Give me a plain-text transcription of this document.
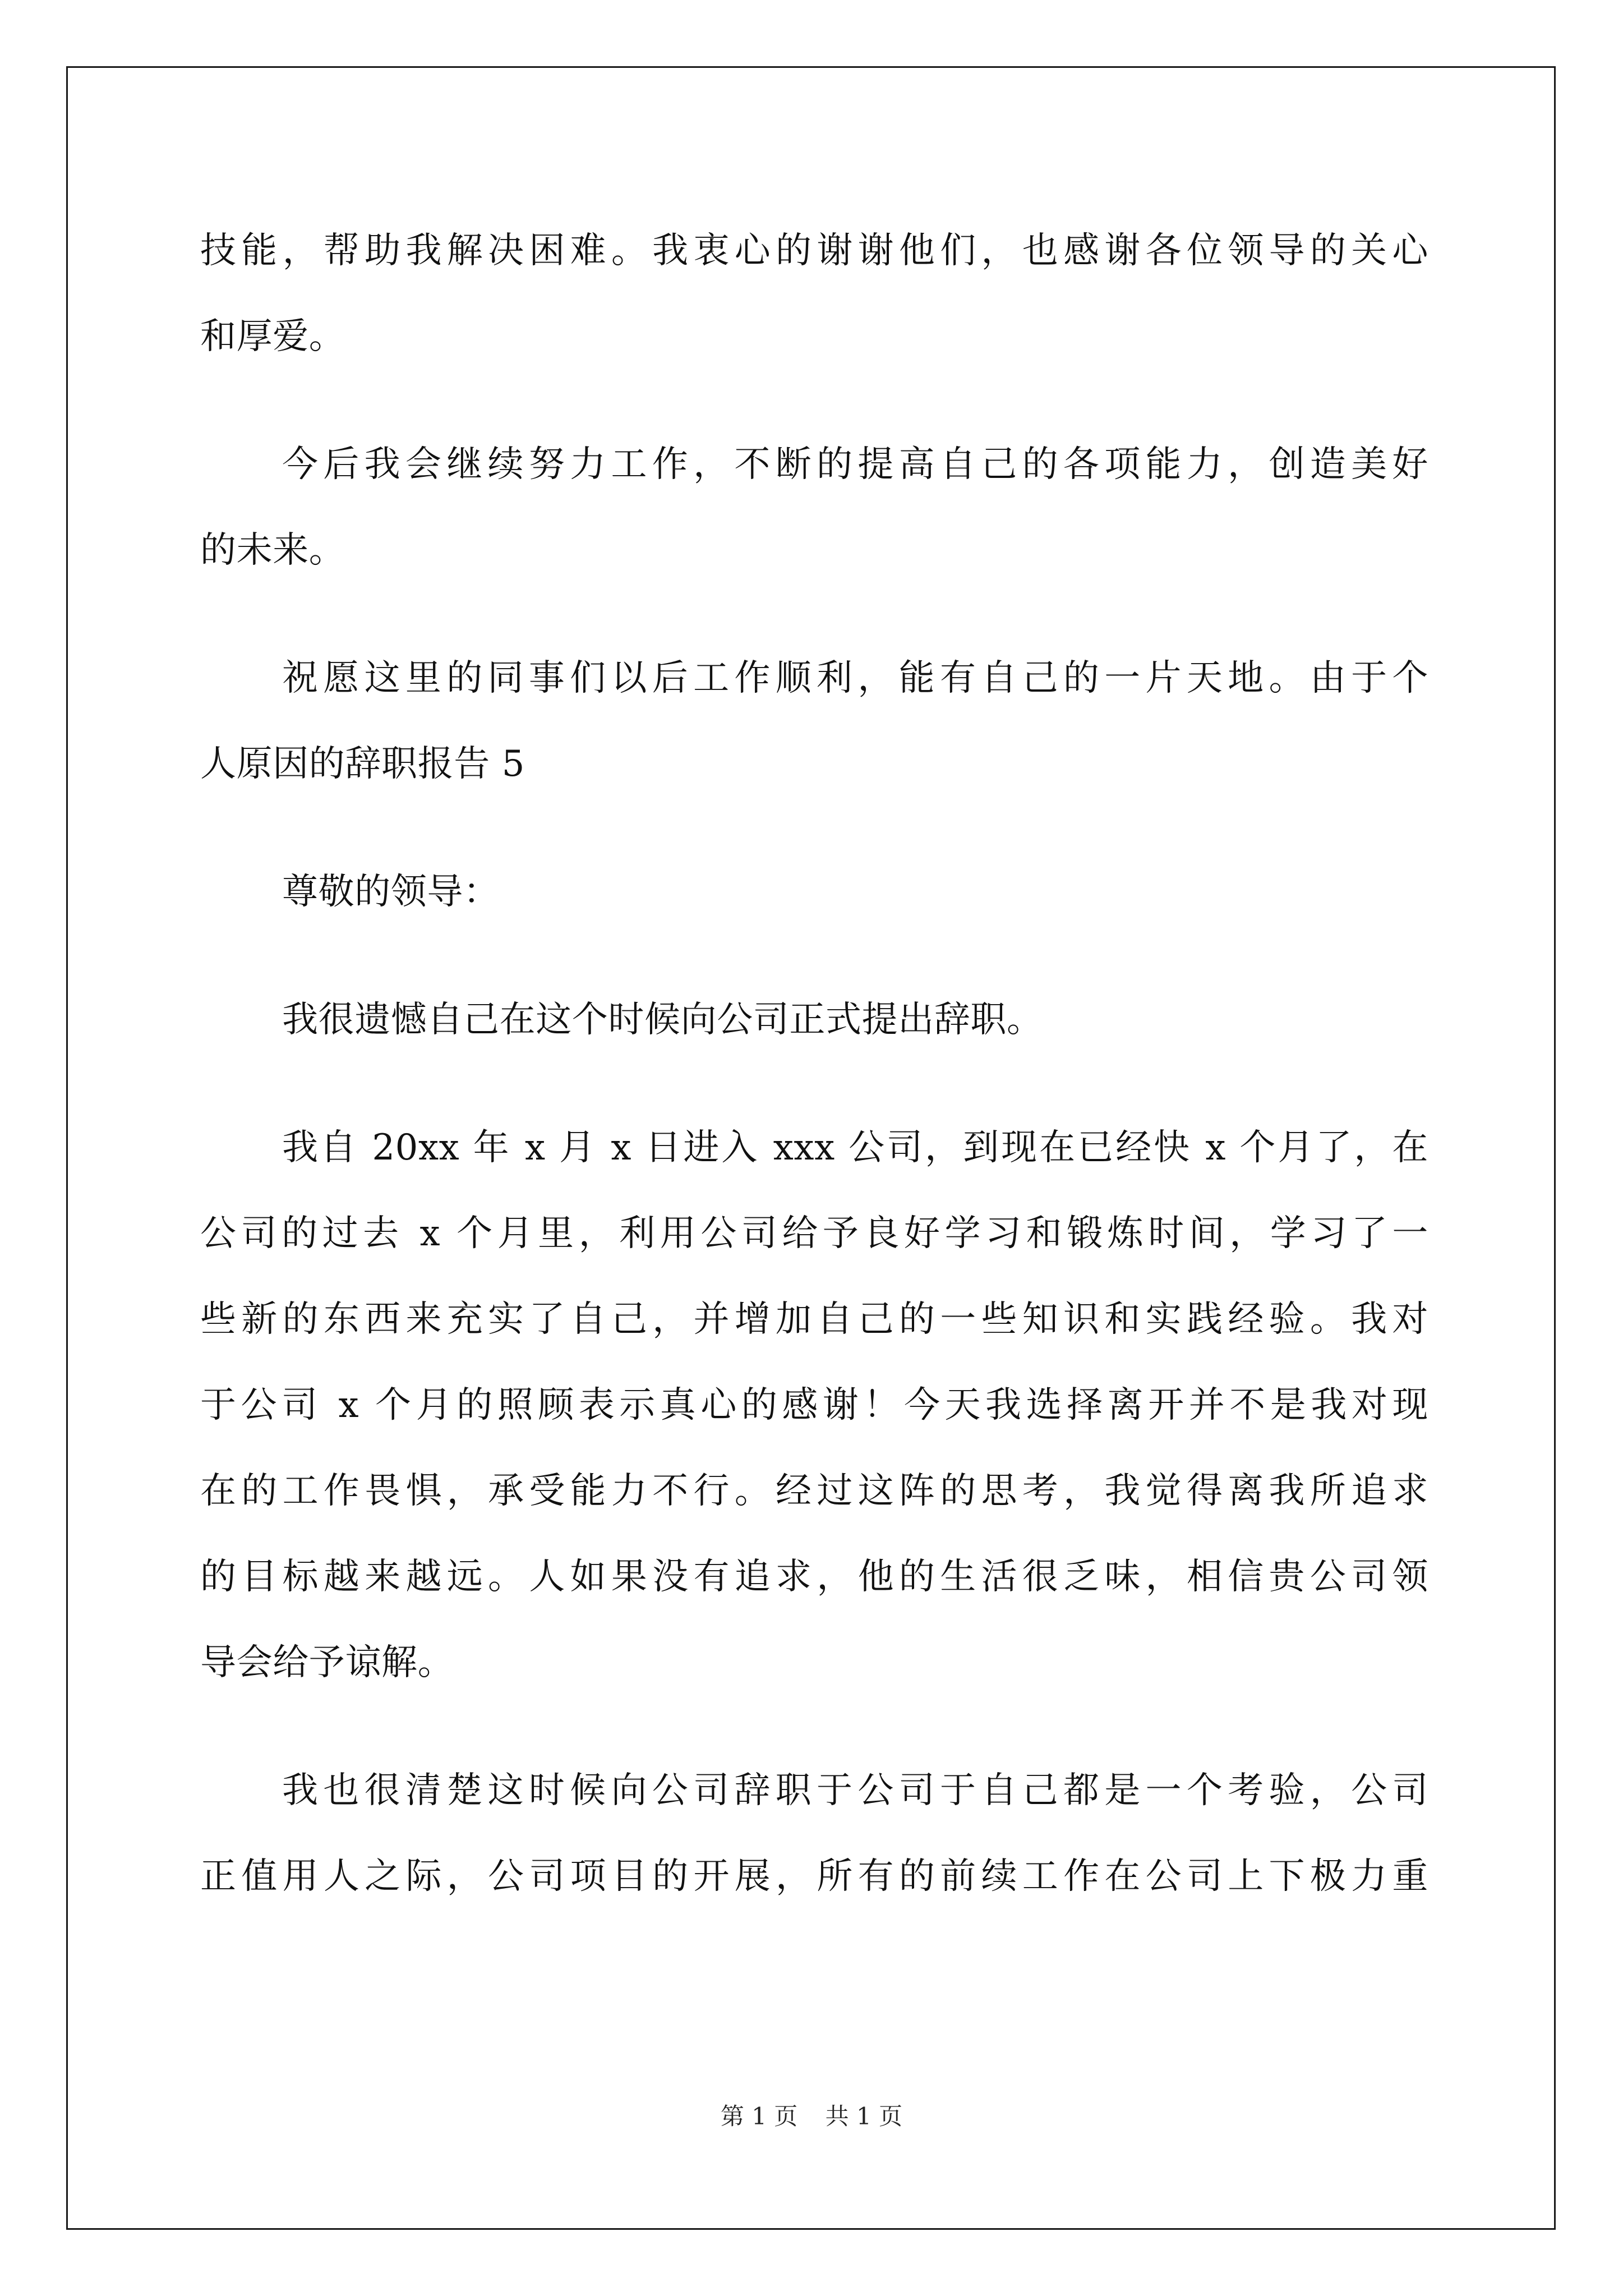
技能，帮助我解决困难。我衷心的谢谢他们，也感谢各位领导的关心
和厚爱。
今后我会继续努力工作，不断的提高自己的各项能力，创造美好
的未来。
祝愿这里的同事们以后工作顺利，能有自己的一片天地。由于个
人原因的辞职报告 5
尊敬的领导：
我很遗憾自己在这个时候向公司正式提出辞职。
我自 20xx 年 x 月 x 日进入 xxx 公司，到现在已经快 x 个月了，在
公司的过去 x 个月里，利用公司给予良好学习和锻炼时间，学习了一
些新的东西来充实了自己，并增加自己的一些知识和实践经验。我对
于公司 x 个月的照顾表示真心的感谢！今天我选择离开并不是我对现
在的工作畏惧，承受能力不行。经过这阵的思考，我觉得离我所追求
的目标越来越远。人如果没有追求，他的生活很乏味，相信贵公司领
导会给予谅解。
我也很清楚这时候向公司辞职于公司于自己都是一个考验，公司
正值用人之际，公司项目的开展，所有的前续工作在公司上下极力重
第 1 页 共 1 页
